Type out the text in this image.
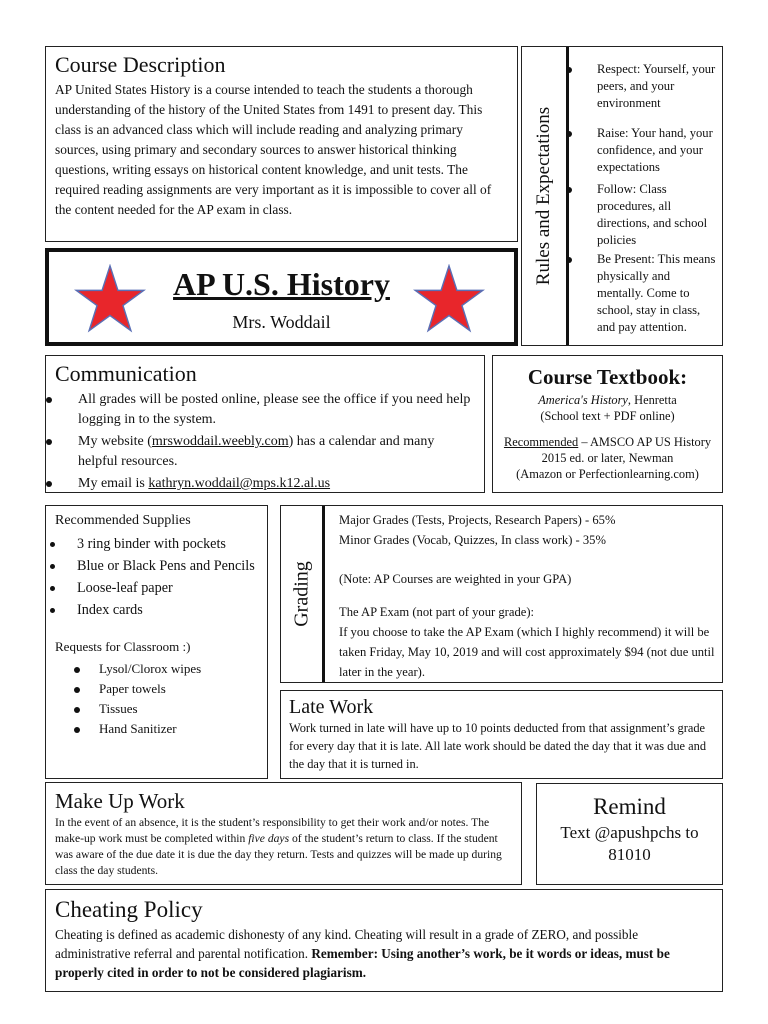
Course Description
AP United States History is a course intended to teach the students a thorough understanding of the history of the United States from 1491 to present day. This class is an advanced class which will include reading and analyzing primary sources, using primary and secondary sources to answer historical thinking questions, writing essays on historical content knowledge, and unit tests. The required reading assignments are very important as it is impossible to cover all of the content needed for the AP exam in class.
AP U.S. History
Mrs. Woddail
Rules and Expectations
Respect: Yourself, your peers, and your environment
Raise: Your hand, your confidence, and your expectations
Follow: Class procedures, all directions, and school policies
Be Present: This means physically and mentally. Come to school, stay in class, and pay attention.
Communication
All grades will be posted online, please see the office if you need help logging in to the system.
My website (mrswoddail.weebly.com) has a calendar and many helpful resources.
My email is kathryn.woddail@mps.k12.al.us
Course Textbook:
America's History, Henretta
(School text + PDF online)
Recommended – AMSCO AP US History 2015 ed. or later, Newman
(Amazon or Perfectionlearning.com)
Recommended Supplies
3 ring binder with pockets
Blue or Black Pens and Pencils
Loose-leaf paper
Index cards
Requests for Classroom :)
Lysol/Clorox wipes
Paper towels
Tissues
Hand Sanitizer
Grading
Major Grades (Tests, Projects, Research Papers) - 65%
Minor Grades (Vocab, Quizzes, In class work) - 35%
(Note: AP Courses are weighted in your GPA)
The AP Exam (not part of your grade):
If you choose to take the AP Exam (which I highly recommend) it will be taken Friday, May 10, 2019 and will cost approximately $94 (not due until later in the year).
Late Work
Work turned in late will have up to 10 points deducted from that assignment’s grade for every day that it is late. All late work should be dated the day that it was due and the day that it is turned in.
Make Up Work
In the event of an absence, it is the student’s responsibility to get their work and/or notes. The make-up work must be completed within five days of the student’s return to class. If the student was aware of the due date it is due the day they return. Tests and quizzes will be made up during class the day students.
Remind
Text @apushpchs to
81010
Cheating Policy
Cheating is defined as academic dishonesty of any kind. Cheating will result in a grade of ZERO, and possible administrative referral and parental notification. Remember: Using another’s work, be it words or ideas, must be properly cited in order to not be considered plagiarism.
